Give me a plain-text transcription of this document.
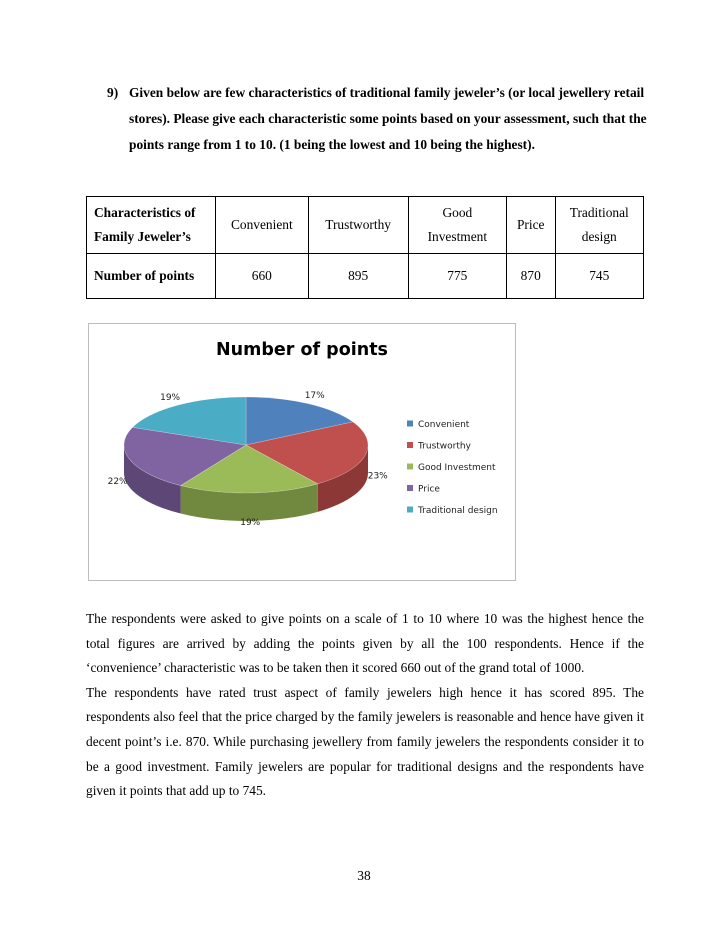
9) Given below are few characteristics of traditional family jeweler’s (or local jewellery retail stores). Please give each characteristic some points based on your assessment, such that the points range from 1 to 10. (1 being the lowest and 10 being the highest).
Characteristics of Family Jeweler’s	Convenient	Trustworthy	Good Investment	Price	Traditional design
Number of points	660	895	775	870	745
Number of points
17%
23%
19%
22%
19%
Convenient
Trustworthy
Good Investment
Price
Traditional design

The respondents were asked to give points on a scale of 1 to 10 where 10 was the highest hence the total figures are arrived by adding the points given by all the 100 respondents. Hence if the ‘convenience’ characteristic was to be taken then it scored 660 out of the grand total of 1000.

The respondents have rated trust aspect of family jewelers high hence it has scored 895. The respondents also feel that the price charged by the family jewelers is reasonable and hence have given it decent point’s i.e. 870. While purchasing jewellery from family jewelers the respondents consider it to be a good investment. Family jewelers are popular for traditional designs and the respondents have given it points that add up to 745.

38
